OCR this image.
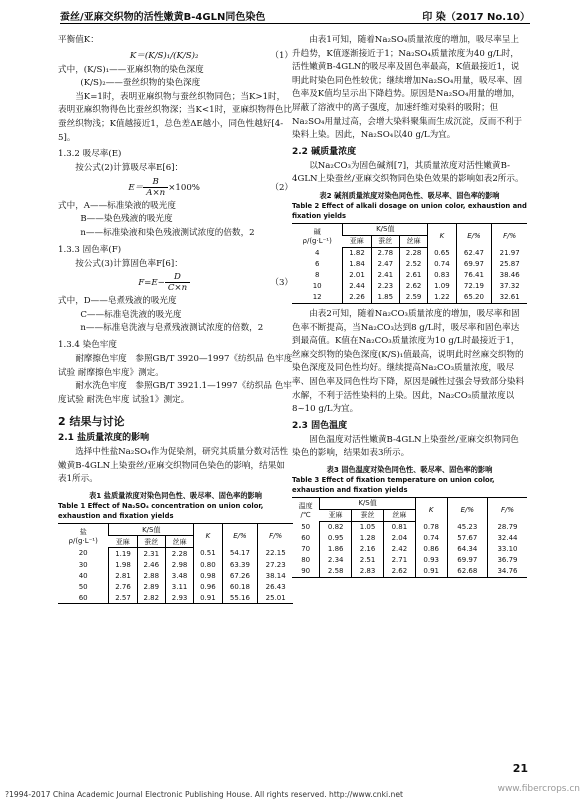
蚕丝/亚麻交织物的活性嫩黄B-4GLN同色染色	印 染（2017 No.10）

平衡值K：

（1）
K＝(K/S)₁/(K/S)₂

式中，(K/S)₁——亚麻织物的染色深度

(K/S)₂——蚕丝织物的染色深度

当K=1时，表明亚麻织物与蚕丝织物同色；当K>1时，表明亚麻织物得色比蚕丝织物深；当K<1时，亚麻织物得色比蚕丝织物浅；K值越接近1，总色差ΔE越小，同色性越好[4-5]。

1.3.2 吸尽率(E)

按公式(2)计算吸尽率E[6]：

（2）
$E= \frac{B}{A\times n} \times 100\%$

式中，A——标准染液的吸光度

B——染色残液的吸光度

n——标准染液和染色残液测试浓度的倍数，2

1.3.3 固色率(F)

按公式(3)计算固色率F[6]：

（3）
$F=E- \frac{D}{C\times n}$

式中，D——皂煮残液的吸光度

C——标准皂洗液的吸光度

n——标准皂洗液与皂煮残液测试浓度的倍数，2

1.3.4 染色牢度

耐摩擦色牢度　参照GB/T 3920—1997《纺织品 色牢度试验 耐摩擦色牢度》测定。

耐水洗色牢度　参照GB/T 3921.1—1997《纺织品 色牢度试验 耐洗色牢度 试验1》测定。

2 结果与讨论

2.1 盐质量浓度的影响

选择中性盐Na₂SO₄作为促染剂，研究其质量分数对活性嫩黄B-4GLN上染蚕丝/亚麻交织物同色染色的影响，结果如表1所示。

表1 盐质量浓度对染色同色性、吸尽率、固色率的影响

Table 1 Effect of Na₂SO₄ concentration on union color, exhaustion and fixation yields

盐
ρ/(g·L⁻¹)	K/S值			K	E/%	F/%
	亚麻	蚕丝	丝麻			
20	1.19	2.31	2.28	0.51	54.17	22.15
30	1.98	2.46	2.98	0.80	63.39	27.23
40	2.81	2.88	3.48	0.98	67.26	38.14
50	2.76	2.89	3.11	0.96	60.18	26.43
60	2.57	2.82	2.93	0.91	55.16	25.01

由表1可知，随着Na₂SO₄质量浓度的增加，吸尽率呈上升趋势，K值逐渐接近于1；Na₂SO₄质量浓度为40 g/L时，活性嫩黄B-4GLN的吸尽率及固色率最高，K值最接近1，说明此时染色同色性较优；继续增加Na₂SO₄用量，吸尽率、固色率及K值均呈示出下降趋势。原因是Na₂SO₄用量的增加，屏蔽了溶液中的离子强度，加速纤维对染料的吸附；但Na₂SO₄用量过高，会增大染料聚集而生成沉淀，反而不利于染料上染。因此，Na₂SO₄以40 g/L为宜。

2.2 碱质量浓度

以Na₂CO₃为固色碱剂[7]，其质量浓度对活性嫩黄B-4GLN上染蚕丝/亚麻交织物同色染色效果的影响如表2所示。

表2 碱剂质量浓度对染色同色性、吸尽率、固色率的影响

Table 2 Effect of alkali dosage on union color, exhaustion and fixation yields

碱
ρ/(g·L⁻¹)	K/S值			K	E/%	F/%
	亚麻	蚕丝	丝麻			
4	1.82	2.78	2.28	0.65	62.47	21.97
6	1.84	2.47	2.52	0.74	69.97	25.87
8	2.01	2.41	2.61	0.83	76.41	38.46
10	2.44	2.23	2.62	1.09	72.19	37.32
12	2.26	1.85	2.59	1.22	65.20	32.61

由表2可知，随着Na₂CO₃质量浓度的增加，吸尽率和固色率不断提高，当Na₂CO₃达到8 g/L时，吸尽率和固色率达到最高值。K值在Na₂CO₃质量浓度为10 g/L时最接近于1，丝麻交织物的染色深度(K/S)₁值最高，说明此时丝麻交织物的染色深度及同色性均好。继续提高Na₂CO₃质量浓度，吸尽率、固色率及同色性均下降，原因是碱性过强会导致部分染料水解，不利于活性染料的上染。因此，Na₂CO₃质量浓度以8~10 g/L为宜。

2.3 固色温度

固色温度对活性嫩黄B-4GLN上染蚕丝/亚麻交织物同色染色的影响，结果如表3所示。

表3 固色温度对染色同色性、吸尽率、固色率的影响

Table 3 Effect of fixation temperature on union color, exhaustion and fixation yields

温度
/℃	K/S值			K	E/%	F/%
	亚麻	蚕丝	丝麻			
50	0.82	1.05	0.81	0.78	45.23	28.79
60	0.95	1.28	2.04	0.74	57.67	32.44
70	1.86	2.16	2.42	0.86	64.34	33.10
80	2.34	2.51	2.71	0.93	69.97	36.79
90	2.58	2.83	2.62	0.91	62.68	34.76
21
?1994-2017 China Academic Journal Electronic Publishing House. All rights reserved. http://www.cnki.net
www.fibercrops.cn
